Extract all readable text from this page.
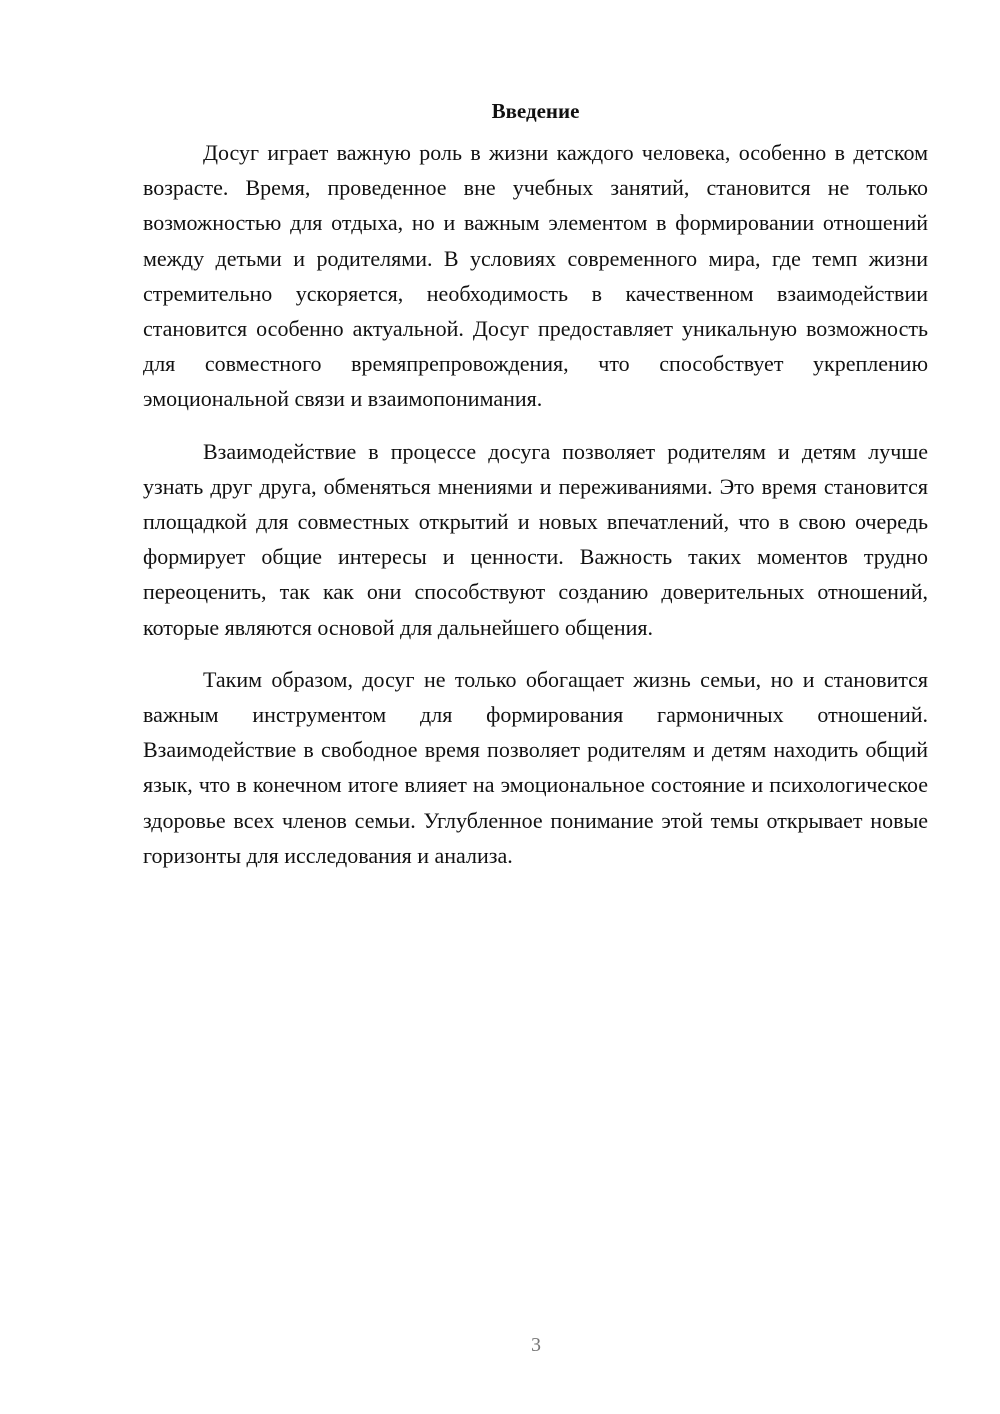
Введение

Досуг играет важную роль в жизни каждого человека, особенно в детском возрасте. Время, проведенное вне учебных занятий, становится не только возможностью для отдыха, но и важным элементом в формировании отношений между детьми и родителями. В условиях современного мира, где темп жизни стремительно ускоряется, необходимость в качественном взаимодействии становится особенно актуальной. Досуг предоставляет уникальную возможность для совместного времяпрепровождения, что способствует укреплению эмоциональной связи и взаимопонимания.

Взаимодействие в процессе досуга позволяет родителям и детям лучше узнать друг друга, обменяться мнениями и переживаниями. Это время становится площадкой для совместных открытий и новых впечатлений, что в свою очередь формирует общие интересы и ценности. Важность таких моментов трудно переоценить, так как они способствуют созданию доверительных отношений, которые являются основой для дальнейшего общения.

Таким образом, досуг не только обогащает жизнь семьи, но и становится важным инструментом для формирования гармоничных отношений. Взаимодействие в свободное время позволяет родителям и детям находить общий язык, что в конечном итоге влияет на эмоциональное состояние и психологическое здоровье всех членов семьи. Углубленное понимание этой темы открывает новые горизонты для исследования и анализа.

3
